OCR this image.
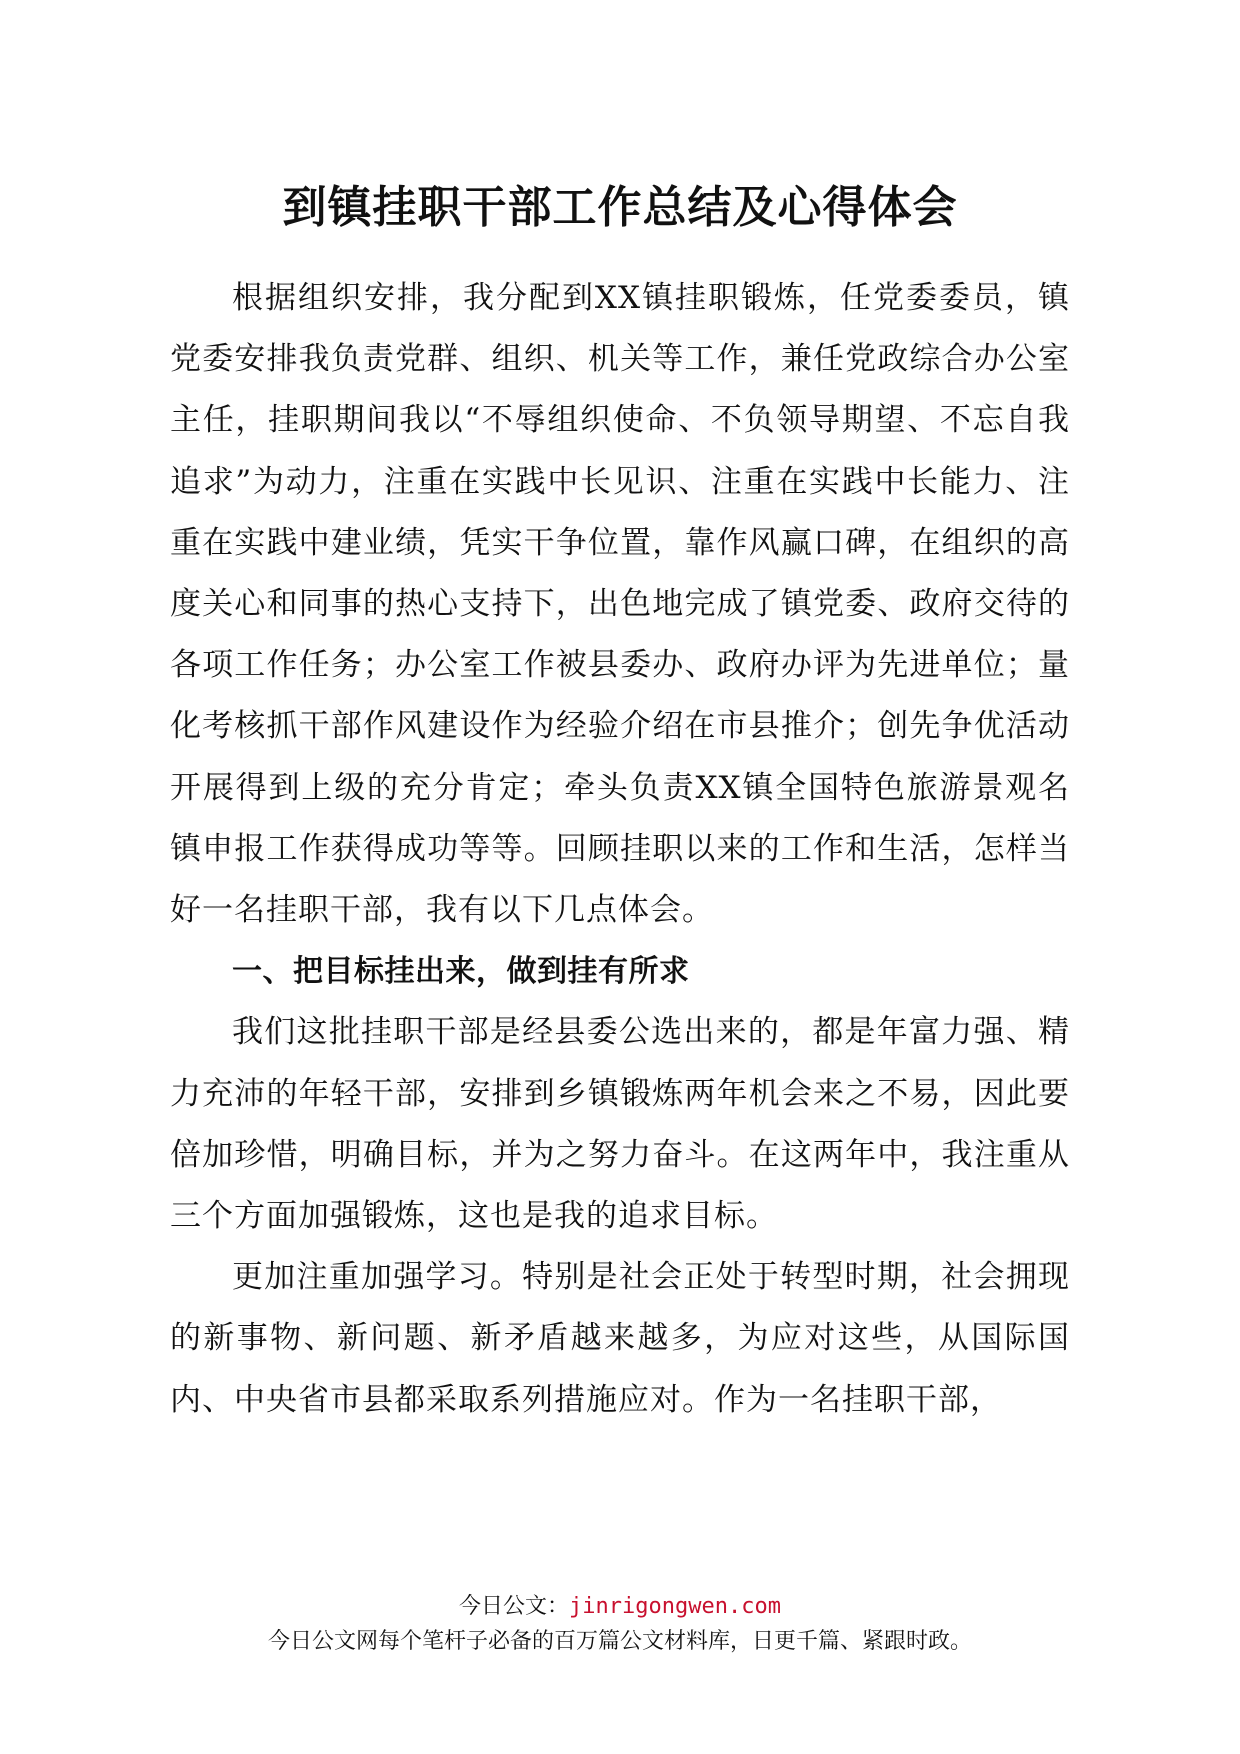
到镇挂职干部工作总结及心得体会

根据组织安排，我分配到XX镇挂职锻炼，任党委委员，镇党委安排我负责党群、组织、机关等工作，兼任党政综合办公室主任，挂职期间我以“不辱组织使命、不负领导期望、不忘自我追求”为动力，注重在实践中长见识、注重在实践中长能力、注重在实践中建业绩，凭实干争位置，靠作风赢口碑，在组织的高度关心和同事的热心支持下，出色地完成了镇党委、政府交待的各项工作任务；办公室工作被县委办、政府办评为先进单位；量化考核抓干部作风建设作为经验介绍在市县推介；创先争优活动开展得到上级的充分肯定；牵头负责XX镇全国特色旅游景观名镇申报工作获得成功等等。回顾挂职以来的工作和生活，怎样当好一名挂职干部，我有以下几点体会。

一、把目标挂出来，做到挂有所求

我们这批挂职干部是经县委公选出来的，都是年富力强、精力充沛的年轻干部，安排到乡镇锻炼两年机会来之不易，因此要倍加珍惜，明确目标，并为之努力奋斗。在这两年中，我注重从三个方面加强锻炼，这也是我的追求目标。

更加注重加强学习。特别是社会正处于转型时期，社会拥现的新事物、新问题、新矛盾越来越多，为应对这些，从国际国内、中央省市县都采取系列措施应对。作为一名挂职干部，

今日公文：jinrigongwen.com
今日公文网每个笔杆子必备的百万篇公文材料库，日更千篇、紧跟时政。
